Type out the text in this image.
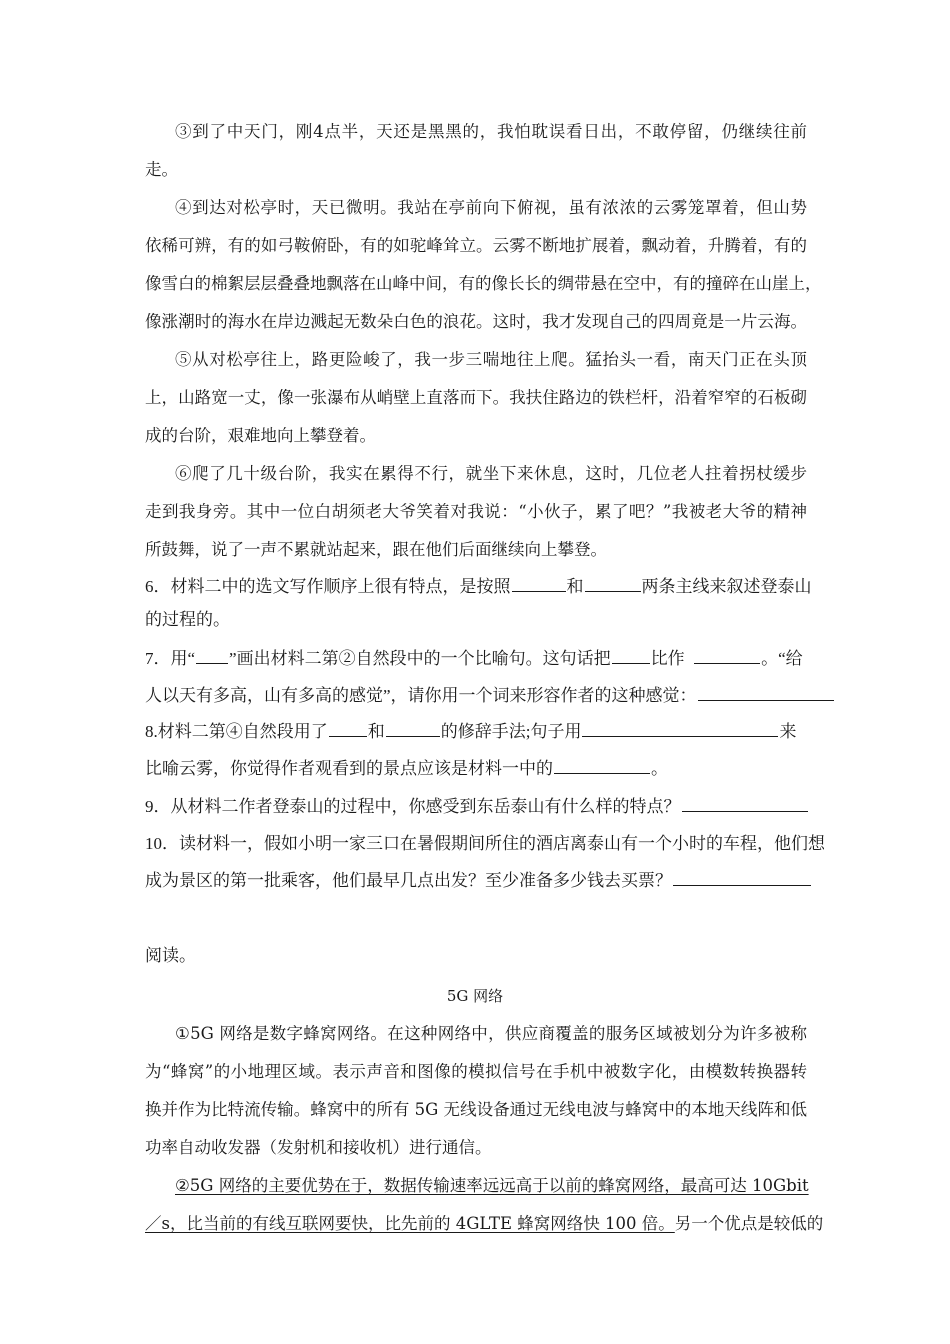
③到了中天门，刚4点半，天还是黑黑的，我怕耽误看日出，不敢停留，仍继续往前
走。
④到达对松亭时，天已微明。我站在亭前向下俯视，虽有浓浓的云雾笼罩着，但山势
依稀可辨，有的如弓鞍俯卧，有的如驼峰耸立。云雾不断地扩展着，飘动着，升腾着，有的
像雪白的棉絮层层叠叠地飘落在山峰中间，有的像长长的绸带悬在空中，有的撞碎在山崖上，
像涨潮时的海水在岸边溅起无数朵白色的浪花。这时，我才发现自己的四周竟是一片云海。
⑤从对松亭往上，路更险峻了，我一步三喘地往上爬。猛抬头一看，南天门正在头顶
上，山路宽一丈，像一张瀑布从峭壁上直落而下。我扶住路边的铁栏杆，沿着窄窄的石板砌
成的台阶，艰难地向上攀登着。
⑥爬了几十级台阶，我实在累得不行，就坐下来休息，这时，几位老人拄着拐杖缓步
走到我身旁。其中一位白胡须老大爷笑着对我说：“小伙子，累了吧？”我被老大爷的精神
所鼓舞，说了一声不累就站起来，跟在他们后面继续向上攀登。
6．材料二中的选文写作顺序上很有特点，是按照	和	两条主线来叙述登泰山
的过程的。
7．用“ ”画出材料二第②自然段中的一个比喻句。这句话把 比作	。“给
人以天有多高，山有多高的感觉”，请你用一个词来形容作者的这种感觉：
8.材料二第④自然段用了 和	的修辞手法;句子用	来
比喻云雾，你觉得作者观看到的景点应该是材料一中的	。
9．从材料二作者登泰山的过程中，你感受到东岳泰山有什么样的特点？
10．读材料一，假如小明一家三口在暑假期间所住的酒店离泰山有一个小时的车程，他们想
成为景区的第一批乘客，他们最早几点出发？至少准备多少钱去买票？
阅读。
5G 网络
①5G 网络是数字蜂窝网络。在这种网络中，供应商覆盖的服务区域被划分为许多被称
为“蜂窝”的小地理区域。表示声音和图像的模拟信号在手机中被数字化，由模数转换器转
换并作为比特流传输。蜂窝中的所有 5G 无线设备通过无线电波与蜂窝中的本地天线阵和低
功率自动收发器（发射机和接收机）进行通信。
②5G 网络的主要优势在于，数据传输速率远远高于以前的蜂窝网络，最高可达 10Gbit
／s，比当前的有线互联网要快，比先前的 4GLTE 蜂窝网络快 100 倍。另一个优点是较低的
